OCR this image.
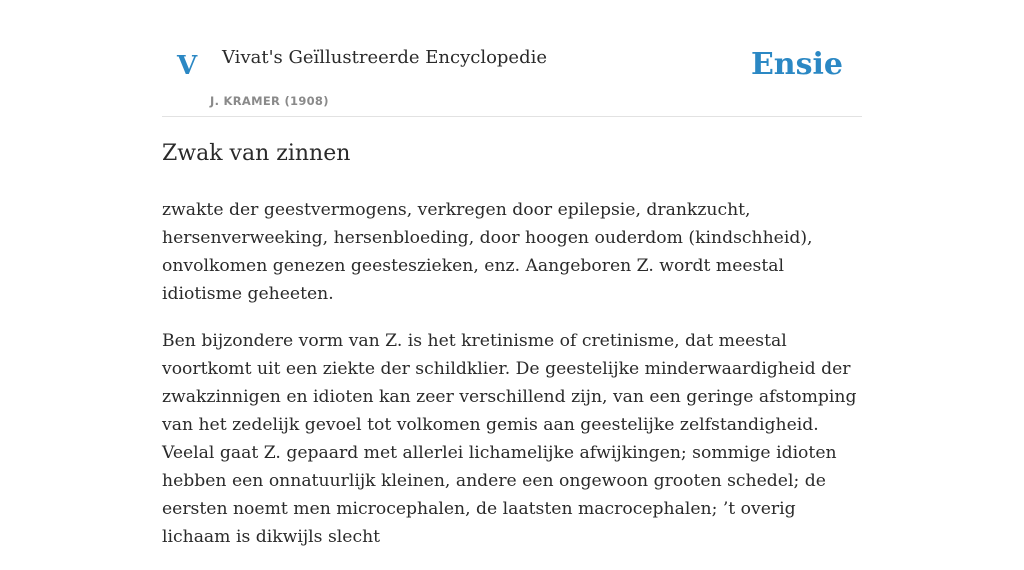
V Vivat's Geïllustreerde Encyclopedie
J. KRAMER (1908)
Ensie
Zwak van zinnen

zwakte der geestvermogens, verkregen door epilepsie, drankzucht, hersenverweeking, hersenbloeding, door hoogen ouderdom (kindschheid), onvolkomen genezen geesteszieken, enz. Aangeboren Z. wordt meestal idiotisme geheeten.

Ben bijzondere vorm van Z. is het kretinisme of cretinisme, dat meestal voortkomt uit een ziekte der schildklier. De geestelijke minderwaardigheid der zwakzinnigen en idioten kan zeer verschillend zijn, van een geringe afstomping van het zedelijk gevoel tot volkomen gemis aan geestelijke zelfstandigheid. Veelal gaat Z. gepaard met allerlei lichamelijke afwijkingen; sommige idioten hebben een onnatuurlijk kleinen, andere een ongewoon grooten schedel; de eersten noemt men microcephalen, de laatsten macrocephalen; ’t overig lichaam is dikwijls slecht
